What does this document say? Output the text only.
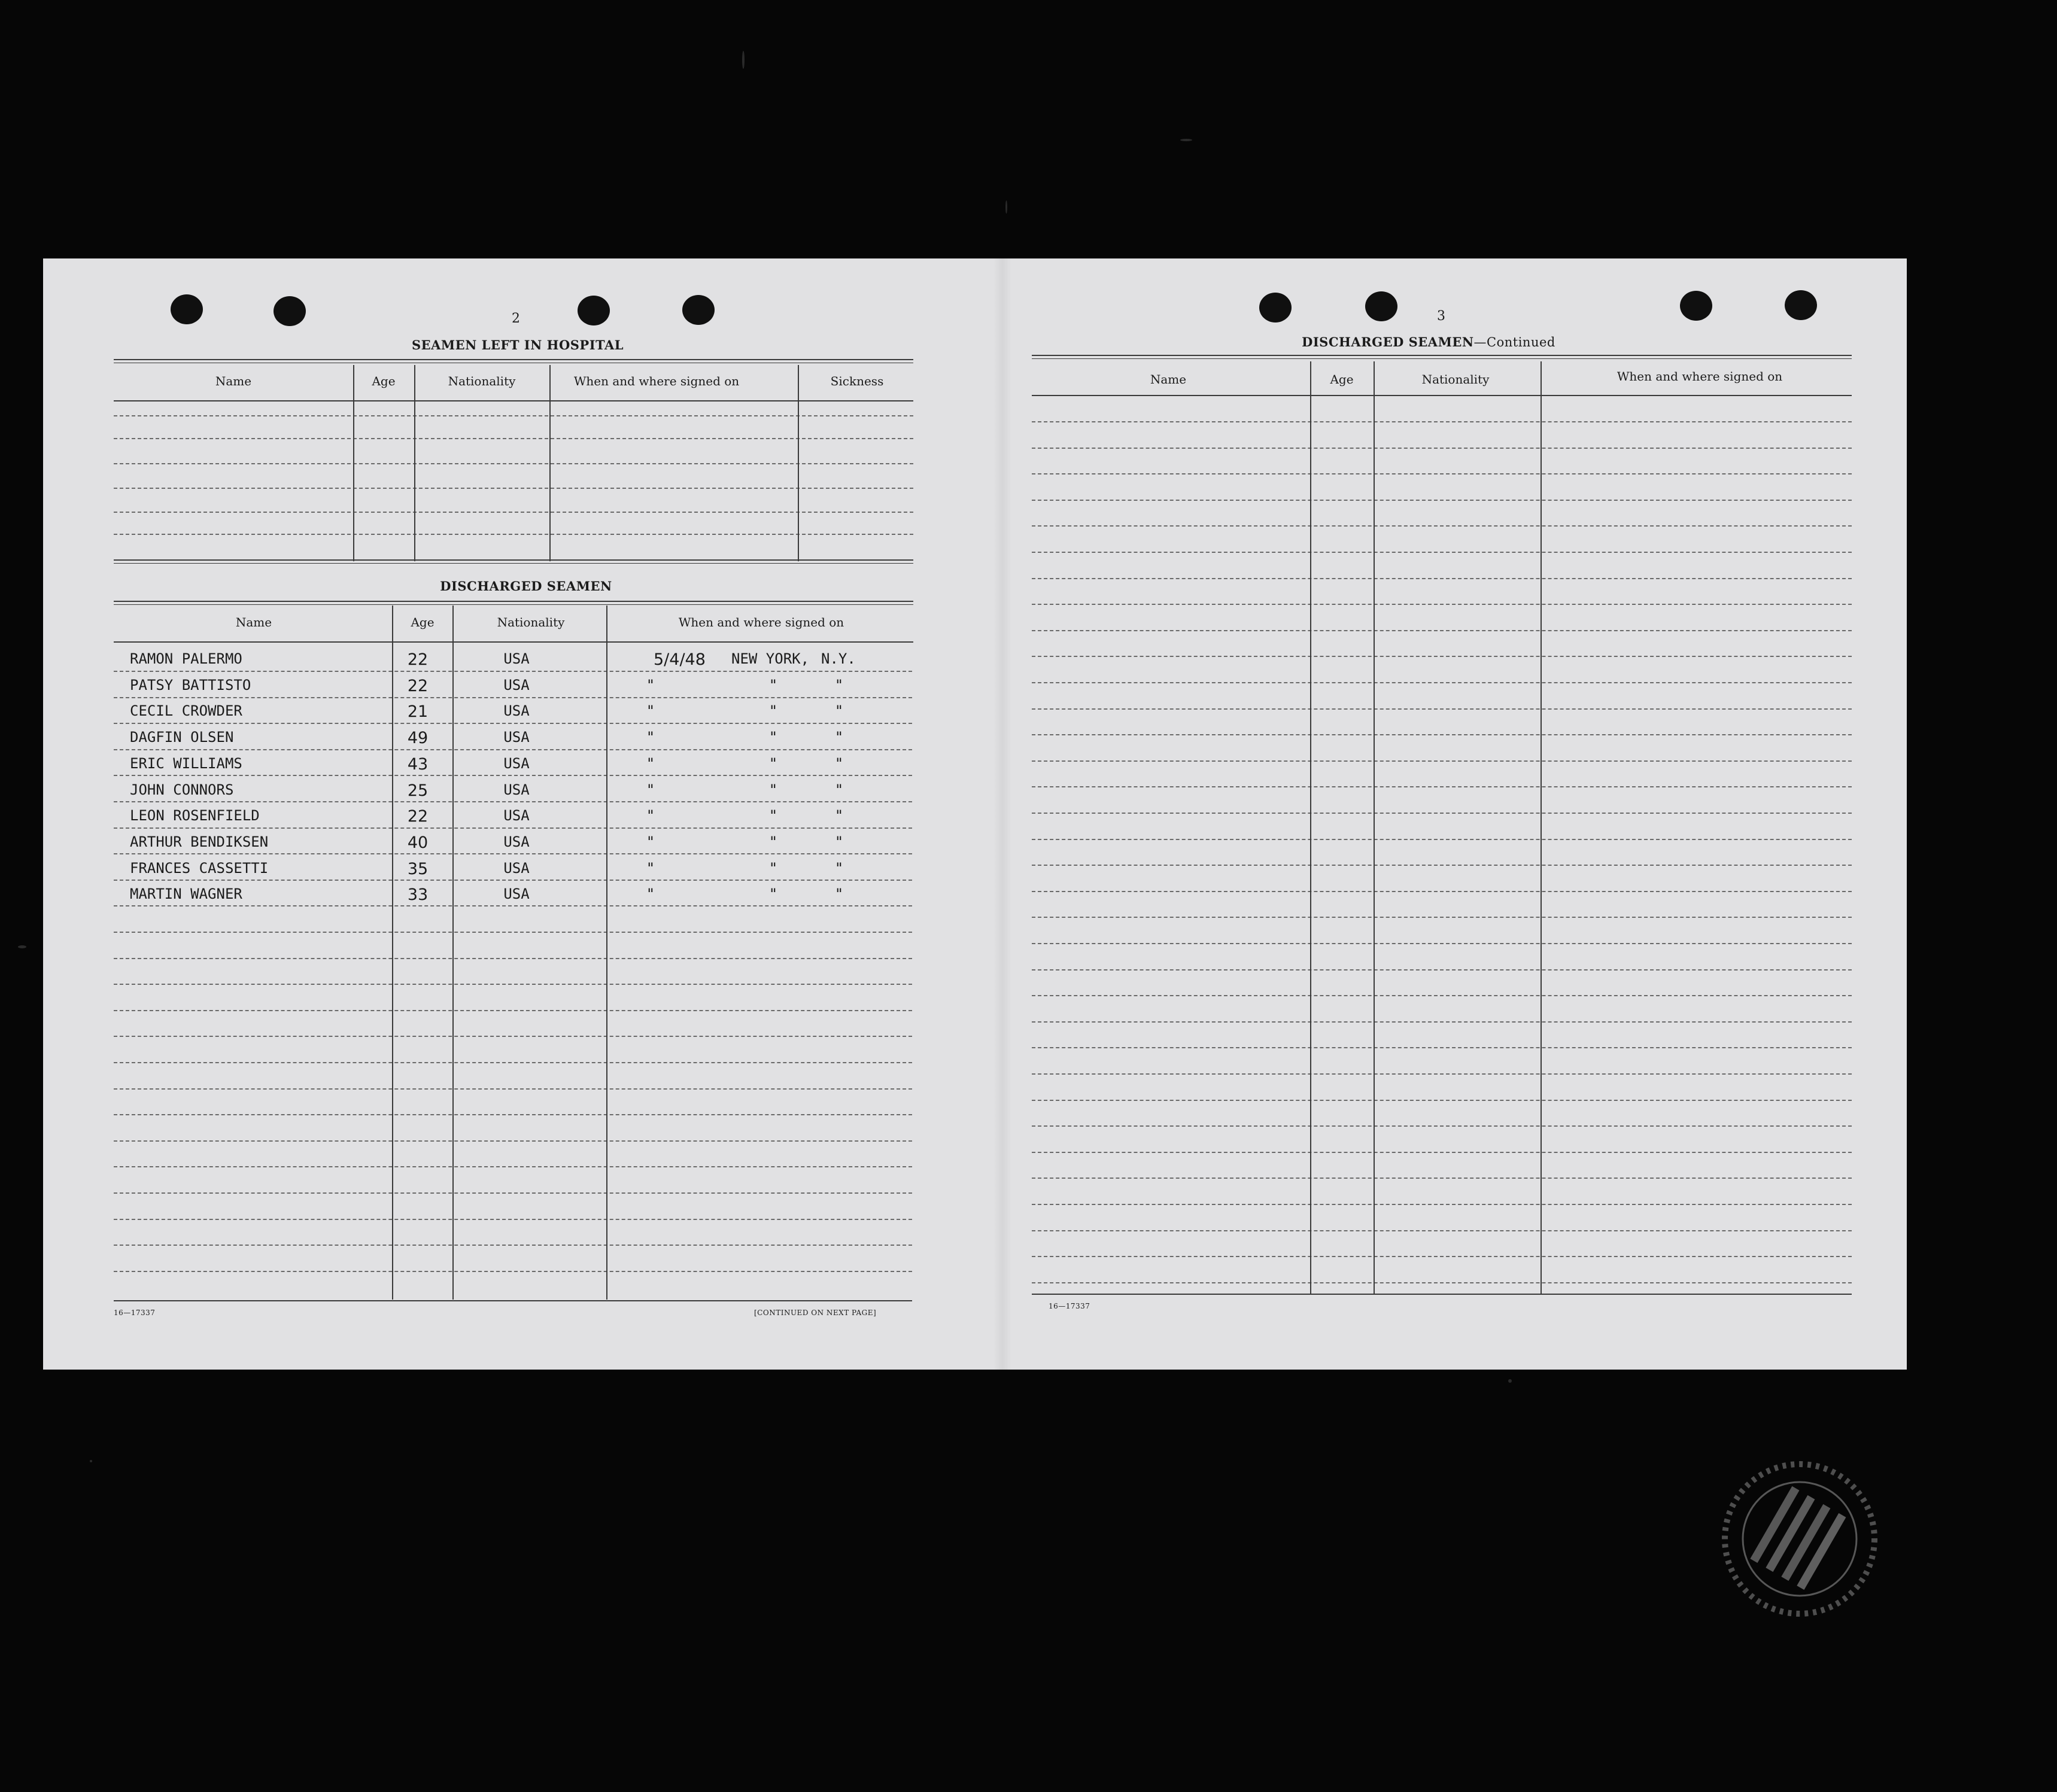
2
SEAMEN LEFT IN HOSPITAL
Name	Age	Nationality	When and where signed on	Sickness
DISCHARGED SEAMEN
Name	Age	Nationality	When and where signed on
RAMON PALERMO	22	USA	5/4/48 NEW YORK, N.Y.
PATSY BATTISTO	22	USA	"	"	"
CECIL CROWDER	21	USA	"	"	"
DAGFIN OLSEN	49	USA	"	"	"
ERIC WILLIAMS	43	USA	"	"	"
JOHN CONNORS	25	USA	"	"	"
LEON ROSENFIELD	22	USA	"	"	"
ARTHUR BENDIKSEN	40	USA	"	"	"
FRANCES CASSETTI	35	USA	"	"	"
MARTIN WAGNER	33	USA	"	"	"
16—17337	[CONTINUED ON NEXT PAGE]
3
DISCHARGED SEAMEN—Continued
Name	Age	Nationality	When and where signed on
16—17337
